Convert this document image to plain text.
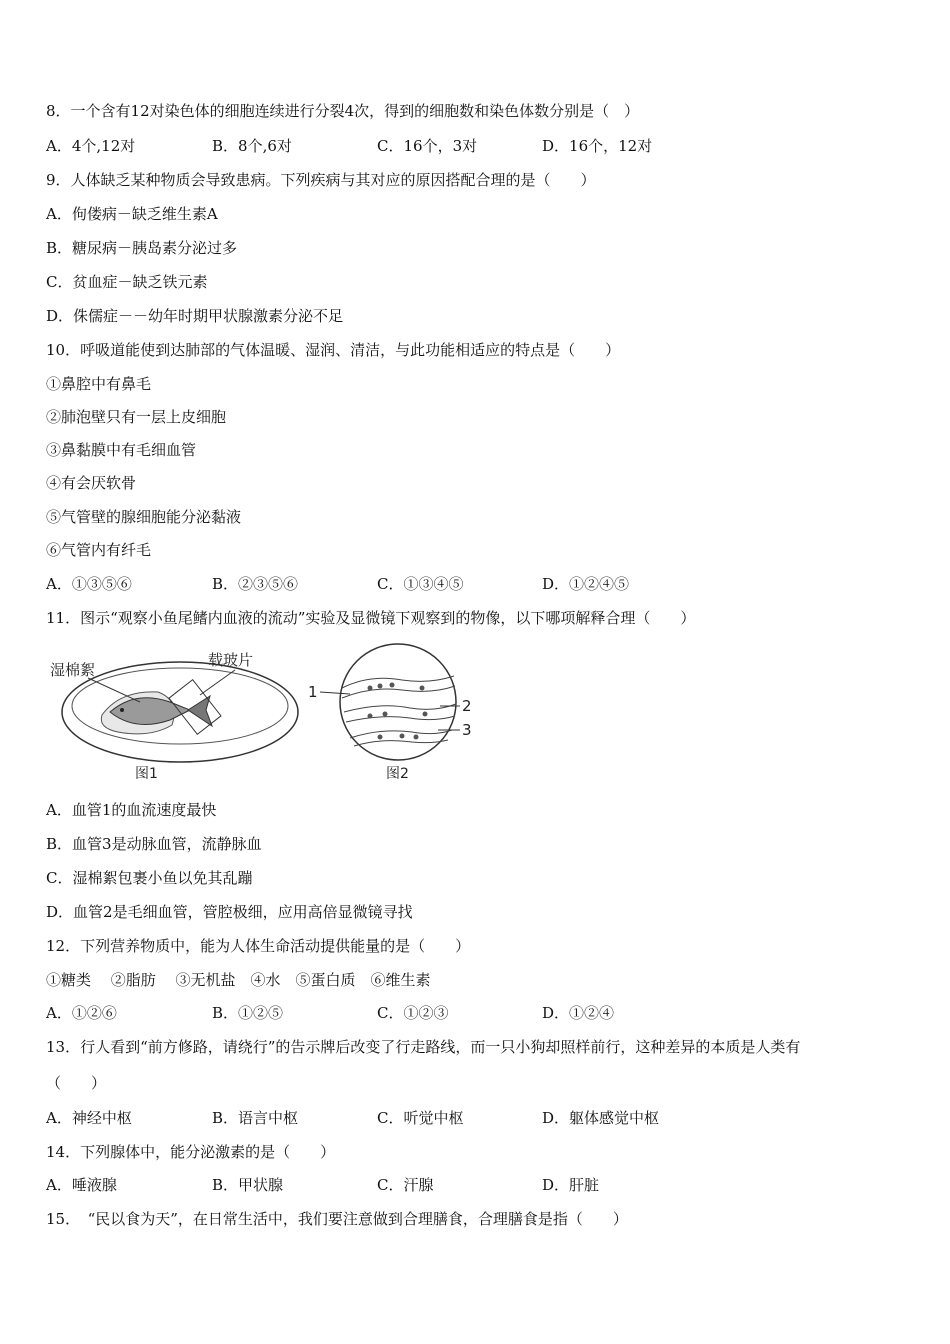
8．一个含有12对染色体的细胞连续进行分裂4次，得到的细胞数和染色体数分别是（　）
A．4个,12对	B．8个,6对	C．16个，3对	D．16个，12对
9．人体缺乏某种物质会导致患病。下列疾病与其对应的原因搭配合理的是（　　）
A．佝偻病－缺乏维生素A
B．糖尿病－胰岛素分泌过多
C．贫血症－缺乏铁元素
D．侏儒症－－幼年时期甲状腺激素分泌不足
10．呼吸道能使到达肺部的气体温暖、湿润、清洁，与此功能相适应的特点是（　　）
①鼻腔中有鼻毛
②肺泡壁只有一层上皮细胞
③鼻黏膜中有毛细血管
④有会厌软骨
⑤气管壁的腺细胞能分泌黏液
⑥气管内有纤毛
A．①③⑤⑥	B．②③⑤⑥	C．①③④⑤	D．①②④⑤
11．图示“观察小鱼尾鳍内血液的流动”实验及显微镜下观察到的物像，以下哪项解释合理（　　）
湿棉絮
载玻片
图1
1
2
3
图2
A．血管1的血流速度最快
B．血管3是动脉血管，流静脉血
C．湿棉絮包裹小鱼以免其乱蹦
D．血管2是毛细血管，管腔极细，应用高倍显微镜寻找
12．下列营养物质中，能为人体生命活动提供能量的是（　　）
①糖类　 ②脂肪　 ③无机盐　④水　⑤蛋白质　⑥维生素
A．①②⑥	B．①②⑤	C．①②③	D．①②④
13．行人看到“前方修路，请绕行”的告示牌后改变了行走路线，而一只小狗却照样前行，这种差异的本质是人类有
（　　）
A．神经中枢	B．语言中枢	C．听觉中枢	D．躯体感觉中枢
14．下列腺体中，能分泌激素的是（　　）
A．唾液腺	B．甲状腺	C．汗腺	D．肝脏
15．　“民以食为天”，在日常生活中，我们要注意做到合理膳食，合理膳食是指（　　）
